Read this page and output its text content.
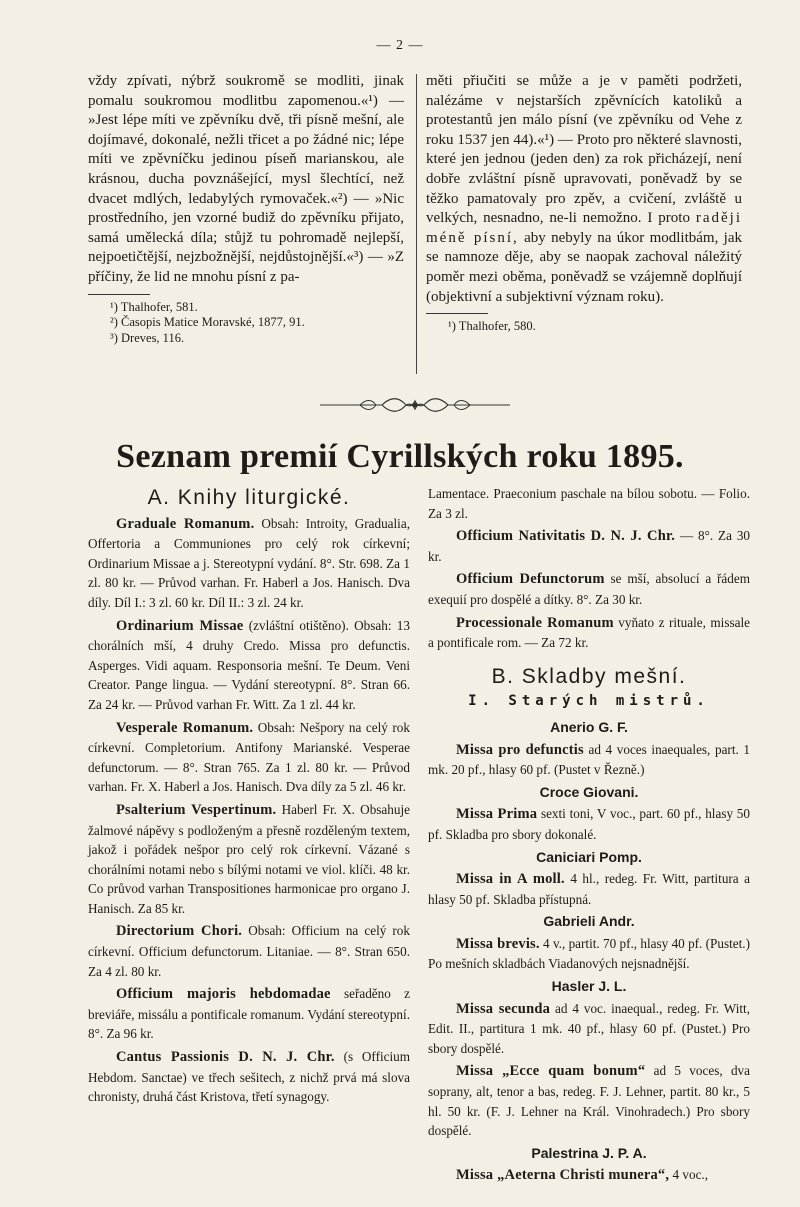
— 2 —

vždy zpívati, nýbrž soukromě se modliti, jinak pomalu soukromou modlitbu zapomenou.«¹) — »Jest lépe míti ve zpěvníku dvě, tři písně mešní, ale dojímavé, dokonalé, nežli třicet a po žádné nic; lépe míti ve zpěvníčku jedinou píseň marianskou, ale krásnou, ducha povznášející, mysl šlechtící, než dvacet mdlých, ledabylých rymovaček.«²) — »Nic prostředního, jen vzorné budiž do zpěvníku přijato, samá umělecká díla; stůjž tu pohromadě nejlepší, nejpoetičtější, nejzbožnější, nejdůstojnější.«³) — »Z příčiny, že lid ne mnohu písní z pa-

¹) Thalhofer, 581.

²) Časopis Matice Moravské, 1877, 91.

³) Dreves, 116.

měti přiučiti se může a je v paměti podržeti, nalézáme v nejstarších zpěvnících katoliků a protestantů jen málo písní (ve zpěvníku od Vehe z roku 1537 jen 44).«¹) — Proto pro některé slavnosti, které jen jednou (jeden den) za rok přicházejí, není dobře zvláštní písně upravovati, poněvadž by se těžko pamatovaly pro zpěv, a cvičení, zvláště u velkých, nesnadno, ne-li nemožno. I proto raději méně písní, aby nebyly na úkor modlitbám, jak se namnoze děje, aby se naopak zachoval náležitý poměr mezi oběma, poněvadž se vzájemně doplňují (objektivní a subjektivní význam roku).

¹) Thalhofer, 580.

Seznam premií Cyrillských roku 1895.
A. Knihy liturgické.

Graduale Romanum. Obsah: Introity, Gradualia, Offertoria a Communiones pro celý rok církevní; Ordinarium Missae a j. Stereotypní vydání. 8°. Str. 698. Za 1 zl. 80 kr. — Průvod varhan. Fr. Haberl a Jos. Hanisch. Dva díly. Díl I.: 3 zl. 60 kr. Díl II.: 3 zl. 24 kr.

Ordinarium Missae (zvláštní otištěno). Obsah: 13 chorálních mší, 4 druhy Credo. Missa pro defunctis. Asperges. Vidi aquam. Responsoria mešní. Te Deum. Veni Creator. Pange lingua. — Vydání stereotypní. 8°. Stran 66. Za 24 kr. — Průvod varhan Fr. Witt. Za 1 zl. 44 kr.

Vesperale Romanum. Obsah: Nešpory na celý rok církevní. Completorium. Antifony Marianské. Vesperae defunctorum. — 8°. Stran 765. Za 1 zl. 80 kr. — Průvod varhan. Fr. X. Haberl a Jos. Hanisch. Dva díly za 5 zl. 46 kr.

Psalterium Vespertinum. Haberl Fr. X. Obsahuje žalmové nápěvy s podloženým a přesně rozděleným textem, jakož i pořádek nešpor pro celý rok církevní. Vázané s chorálními notami nebo s bílými notami ve viol. klíči. 48 kr. Co průvod varhan Transpositiones harmonicae pro organo J. Hanisch. Za 85 kr.

Directorium Chori. Obsah: Officium na celý rok církevní. Officium defunctorum. Litaniae. — 8°. Stran 650. Za 4 zl. 80 kr.

Officium majoris hebdomadae seřaděno z breviáře, missálu a pontificale romanum. Vydání stereotypní. 8°. Za 96 kr.

Cantus Passionis D. N. J. Chr. (s Officium Hebdom. Sanctae) ve třech sešitech, z nichž prvá má slova chronisty, druhá část Kristova, třetí synagogy.

Lamentace. Praeconium paschale na bílou sobotu. — Folio. Za 3 zl.

Officium Nativitatis D. N. J. Chr. — 8°. Za 30 kr.

Officium Defunctorum se mší, absolucí a řádem exequií pro dospělé a dítky. 8°. Za 30 kr.

Processionale Romanum vyňato z rituale, missale a pontificale rom. — Za 72 kr.

B. Skladby mešní.
I. Starých mistrů.
Anerio G. F.

Missa pro defunctis ad 4 voces inaequales, part. 1 mk. 20 pf., hlasy 60 pf. (Pustet v Řezně.)

Croce Giovani.

Missa Prima sexti toni, V voc., part. 60 pf., hlasy 50 pf. Skladba pro sbory dokonalé.

Caniciari Pomp.

Missa in A moll. 4 hl., redeg. Fr. Witt, partitura a hlasy 50 pf. Skladba přístupná.

Gabrieli Andr.

Missa brevis. 4 v., partit. 70 pf., hlasy 40 pf. (Pustet.) Po mešních skladbách Viadanových nejsnadnější.

Hasler J. L.

Missa secunda ad 4 voc. inaequal., redeg. Fr. Witt, Edit. II., partitura 1 mk. 40 pf., hlasy 60 pf. (Pustet.) Pro sbory dospělé.

Missa „Ecce quam bonum“ ad 5 voces, dva soprany, alt, tenor a bas, redeg. F. J. Lehner, partit. 80 kr., 5 hl. 50 kr. (F. J. Lehner na Král. Vinohradech.) Pro sbory dospělé.

Palestrina J. P. A.

Missa „Aeterna Christi munera“, 4 voc.,
